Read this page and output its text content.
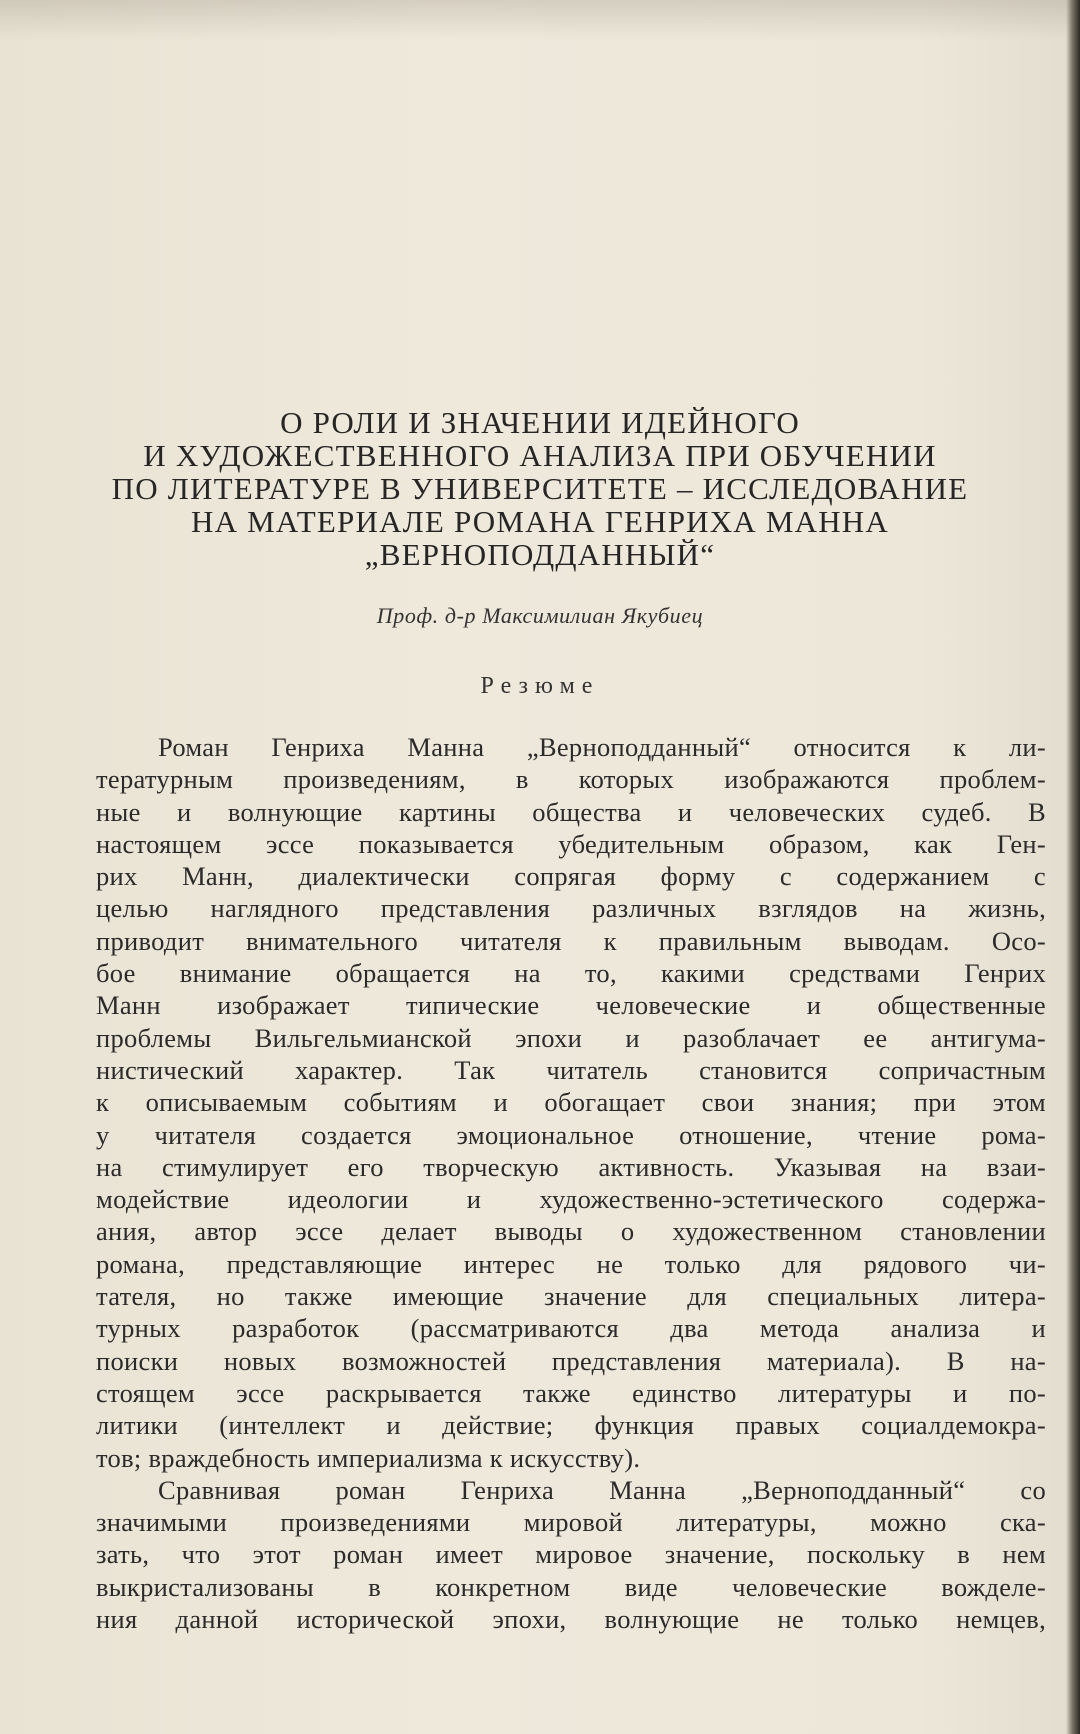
О РОЛИ И ЗНАЧЕНИИ ИДЕЙНОГО
И ХУДОЖЕСТВЕННОГО АНАЛИЗА ПРИ ОБУЧЕНИИ
ПО ЛИТЕРАТУРЕ В УНИВЕРСИТЕТЕ – ИССЛЕДОВАНИЕ
НА МАТЕРИАЛЕ РОМАНА ГЕНРИХА МАННА
„ВЕРНОПОДДАННЫЙ“
Проф. д-р Максимилиан Якубиец
Резюме
Роман Генриха Манна „Верноподданный“ относится к ли-
тературным произведениям, в которых изображаются проблем-
ные и волнующие картины общества и человеческих судеб. В
настоящем эссе показывается убедительным образом, как Ген-
рих Манн, диалектически сопрягая форму с содержанием с
целью наглядного представления различных взглядов на жизнь,
приводит внимательного читателя к правильным выводам. Осо-
бое внимание обращается на то, какими средствами Генрих
Манн изображает типические человеческие и общественные
проблемы Вильгельмианской эпохи и разоблачает ее антигума-
нистический характер. Так читатель становится сопричастным
к описываемым событиям и обогащает свои знания; при этом
у читателя создается эмоциональное отношение, чтение рома-
на стимулирует его творческую активность. Указывая на взаи-
модействие идеологии и художественно-эстетического содержа-
ания, автор эссе делает выводы о художественном становлении
романа, представляющие интерес не только для рядового чи-
тателя, но также имеющие значение для специальных литера-
турных разработок (рассматриваются два метода анализа и
поиски новых возможностей представления материала). В на-
стоящем эссе раскрывается также единство литературы и по-
литики (интеллект и действие; функция правых социалдемокра-
тов; враждебность империализма к искусству).
Сравнивая роман Генриха Манна „Верноподданный“ со
значимыми произведениями мировой литературы, можно ска-
зать, что этот роман имеет мировое значение, поскольку в нем
выкристализованы в конкретном виде человеческие вожделе-
ния данной исторической эпохи, волнующие не только немцев,
